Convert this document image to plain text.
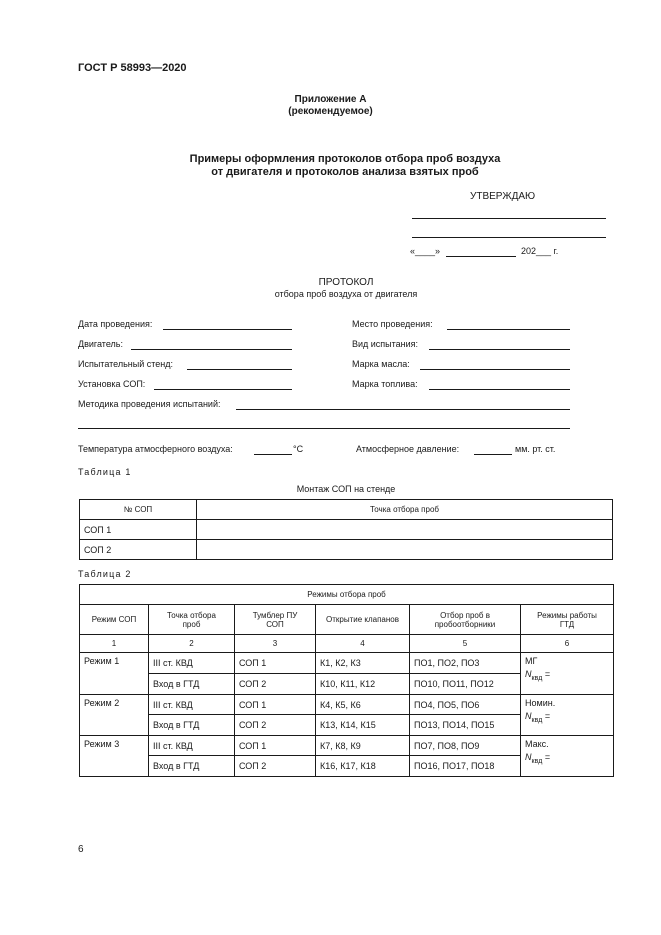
ГОСТ Р 58993—2020
Приложение А
(рекомендуемое)
Примеры оформления протоколов отбора проб воздуха
от двигателя и протоколов анализа взятых проб
УТВЕРЖДАЮ
«____»	202___ г.
ПРОТОКОЛ
отбора проб воздуха от двигателя
Дата проведения:
Двигатель:
Испытательный стенд:
Установка СОП:
Место проведения:
Вид испытания:
Марка масла:
Марка топлива:
Методика проведения испытаний:
Температура атмосферного воздуха:	°C	Атмосферное давление:	мм. рт. ст.
Таблица 1
Монтаж СОП на стенде
№ СОП	Точка отбора проб
СОП 1	
СОП 2	
Таблица 2
Режимы отбора проб					
Режим СОП	Точка отбора проб	Тумблер ПУ СОП	Открытие клапанов	Отбор проб в пробоотборники	Режимы работы ГТД
1	2	3	4	5	6
Режим 1	III ст. КВД	СОП 1	К1, К2, К3	ПО1, ПО2, ПО3	МГ
$N_{квд}$ =

	Вход в ГТД	СОП 2	К10, К11, К12	ПО10, ПО11, ПО12	
Режим 2	III ст. КВД	СОП 1	К4, К5, К6	ПО4, ПО5, ПО6	Номин.
$N_{квд}$ =

	Вход в ГТД	СОП 2	К13, К14, К15	ПО13, ПО14, ПО15	
Режим 3	III ст. КВД	СОП 1	К7, К8, К9	ПО7, ПО8, ПО9	Макс.
$N_{квд}$ =

	Вход в ГТД	СОП 2	К16, К17, К18	ПО16, ПО17, ПО18	
6
